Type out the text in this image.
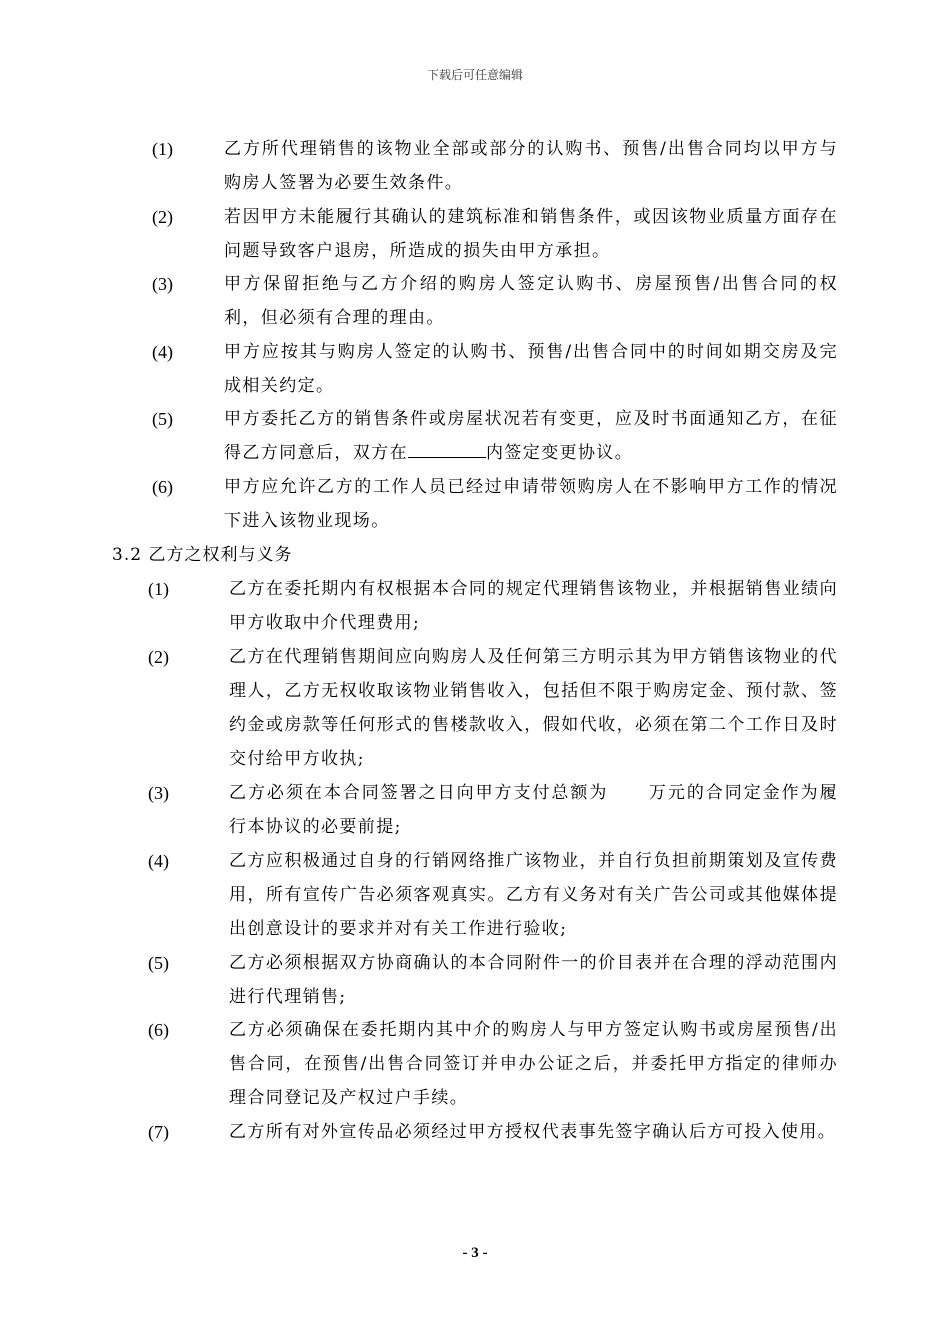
下载后可任意编辑
(1)	乙方所代理销售的该物业全部或部分的认购书、预售/出售合同均以甲方与购房人签署为必要生效条件。
(2)	若因甲方未能履行其确认的建筑标准和销售条件，或因该物业质量方面存在问题导致客户退房，所造成的损失由甲方承担。
(3)	甲方保留拒绝与乙方介绍的购房人签定认购书、房屋预售/出售合同的权利，但必须有合理的理由。
(4)	甲方应按其与购房人签定的认购书、预售/出售合同中的时间如期交房及完成相关约定。
(5)	甲方委托乙方的销售条件或房屋状况若有变更，应及时书面通知乙方，在征得乙方同意后，双方在	内签定变更协议。
(6)	甲方应允许乙方的工作人员已经过申请带领购房人在不影响甲方工作的情况下进入该物业现场。
3.2 乙方之权利与义务
(1)	乙方在委托期内有权根据本合同的规定代理销售该物业，并根据销售业绩向甲方收取中介代理费用;
(2)	乙方在代理销售期间应向购房人及任何第三方明示其为甲方销售该物业的代理人，乙方无权收取该物业销售收入，包括但不限于购房定金、预付款、签约金或房款等任何形式的售楼款收入，假如代收，必须在第二个工作日及时交付给甲方收执;
(3)	乙方必须在本合同签署之日向甲方支付总额为 万元的合同定金作为履行本协议的必要前提;
(4)	乙方应积极通过自身的行销网络推广该物业，并自行负担前期策划及宣传费用，所有宣传广告必须客观真实。乙方有义务对有关广告公司或其他媒体提出创意设计的要求并对有关工作进行验收;
(5)	乙方必须根据双方协商确认的本合同附件一的价目表并在合理的浮动范围内进行代理销售;
(6)	乙方必须确保在委托期内其中介的购房人与甲方签定认购书或房屋预售/出售合同，在预售/出售合同签订并申办公证之后，并委托甲方指定的律师办理合同登记及产权过户手续。
(7)	乙方所有对外宣传品必须经过甲方授权代表事先签字确认后方可投入使用。
- 3 -
